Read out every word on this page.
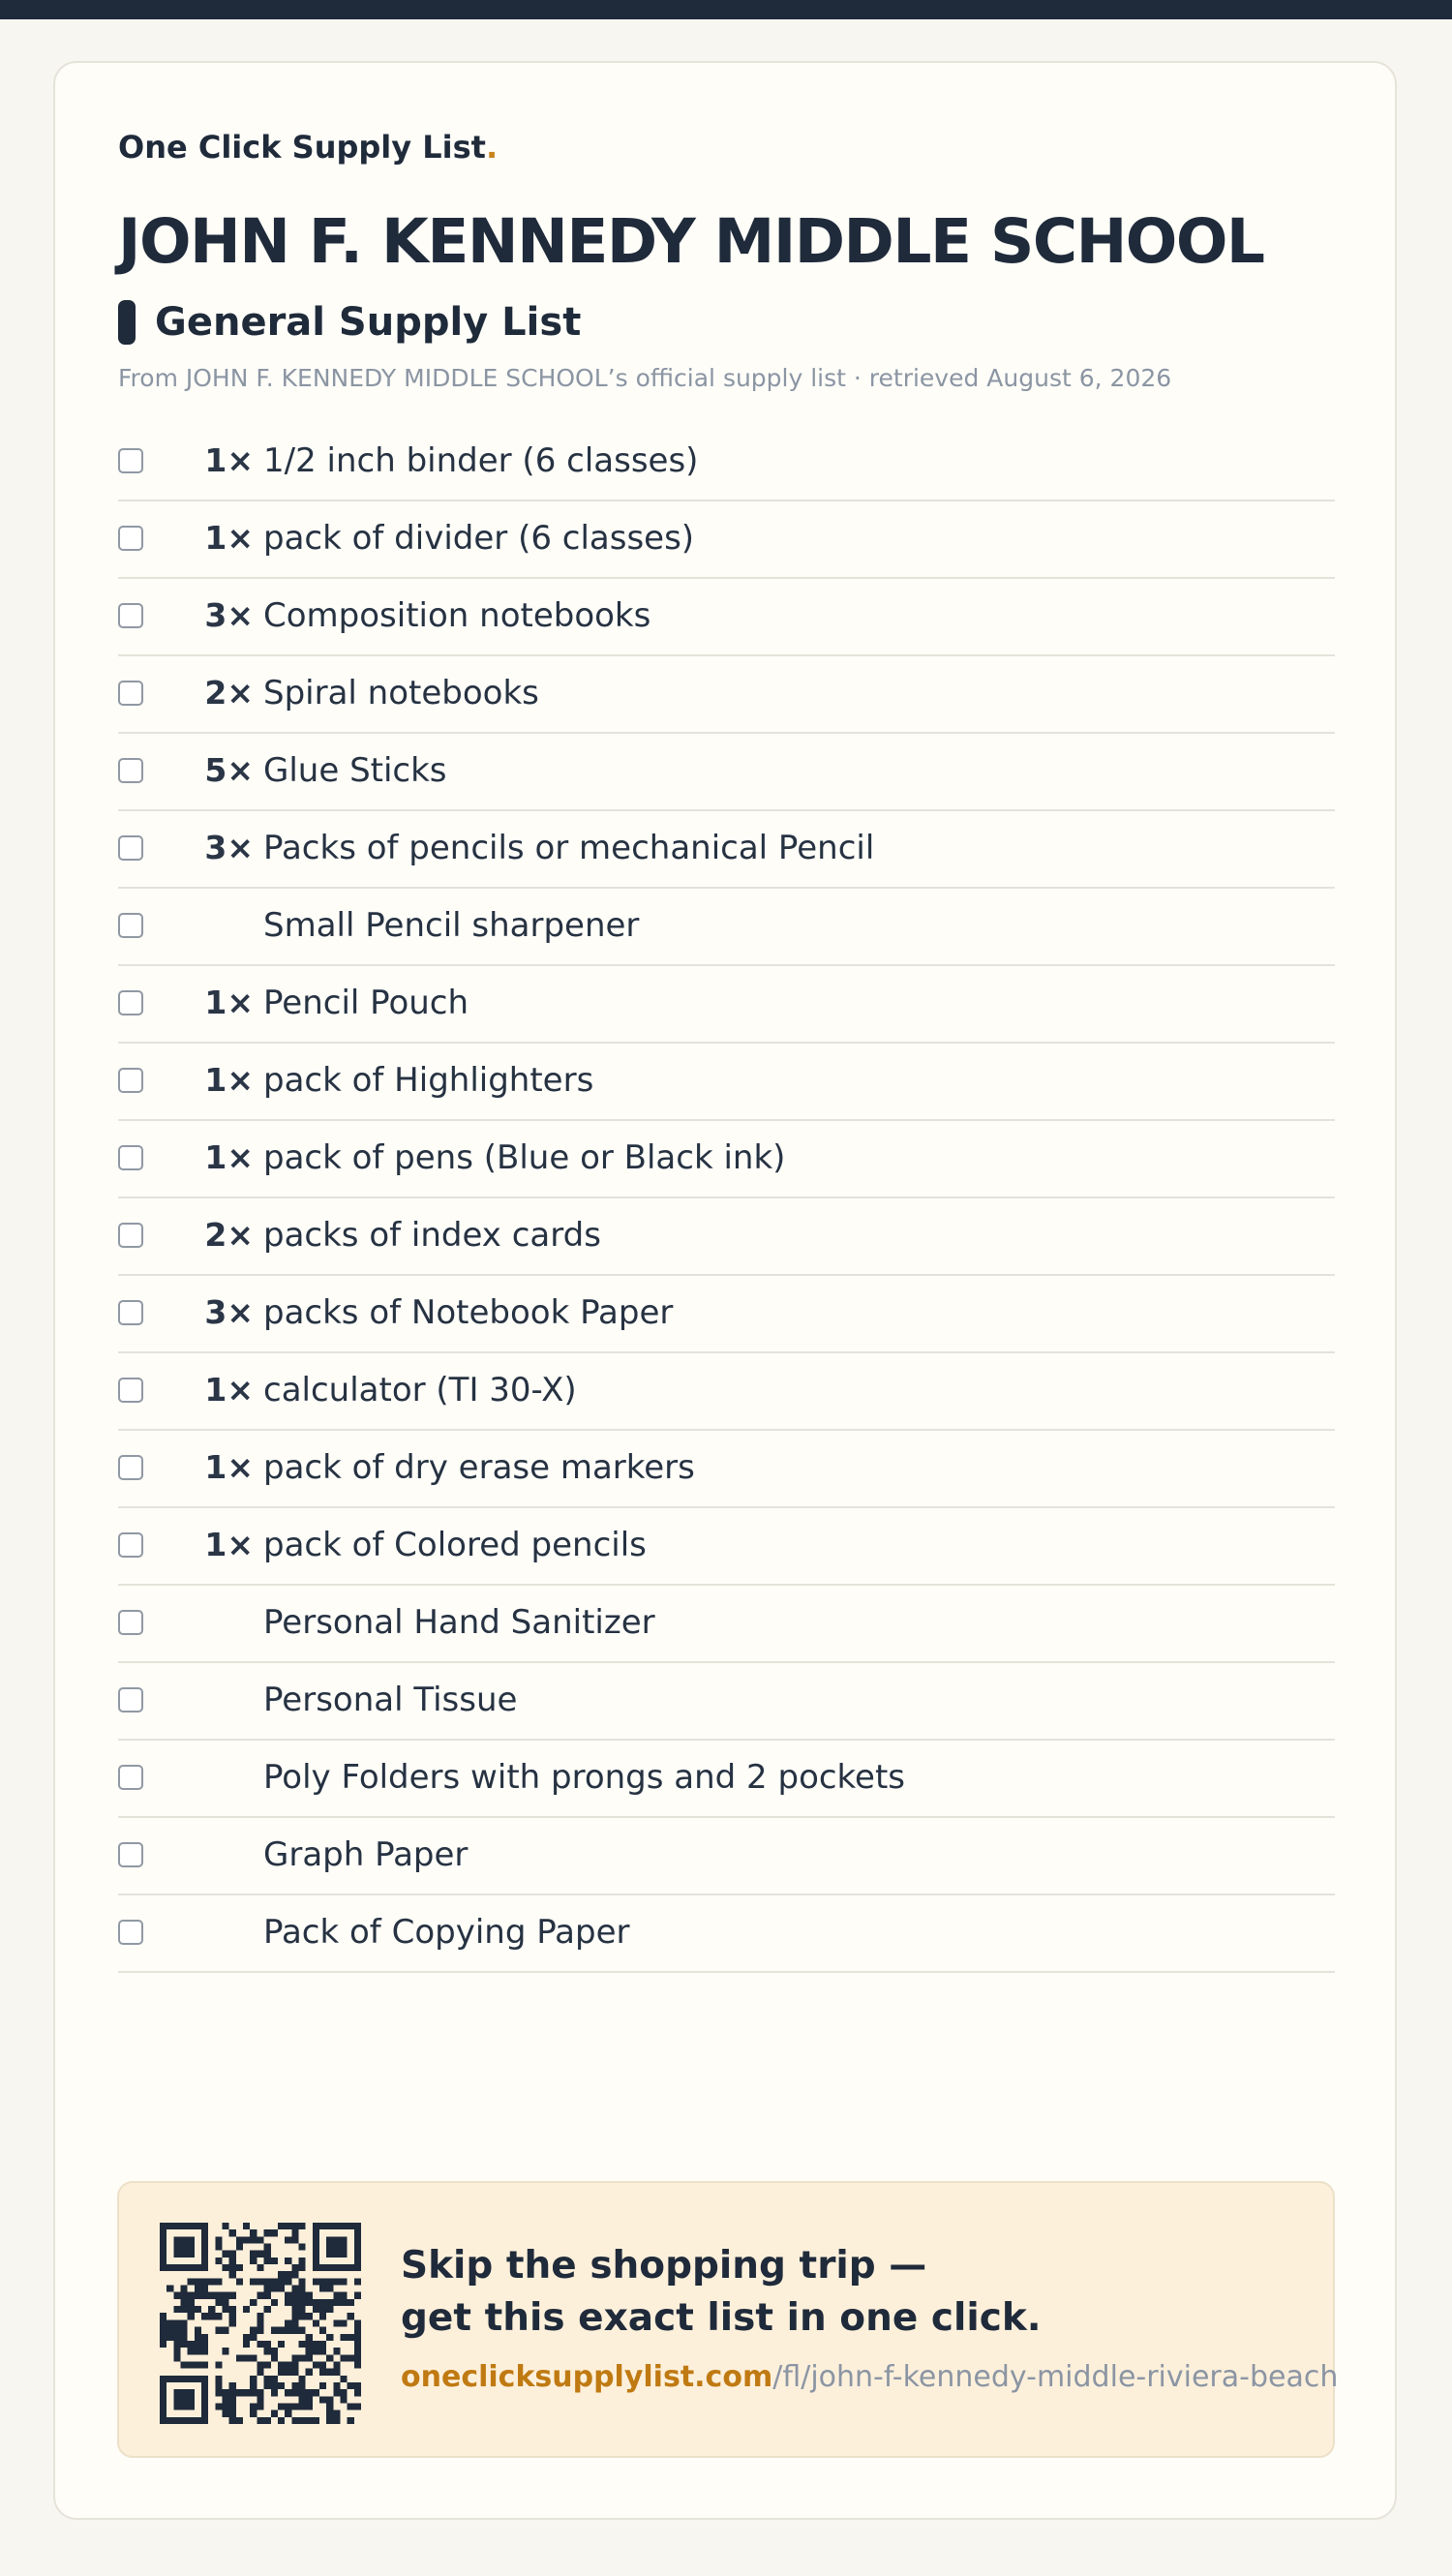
One Click Supply List.
JOHN F. KENNEDY MIDDLE SCHOOL
General Supply List
From JOHN F. KENNEDY MIDDLE SCHOOL’s official supply list · retrieved August 6, 2026
1× 1/2 inch binder (6 classes)
1× pack of divider (6 classes)
3× Composition notebooks
2× Spiral notebooks
5× Glue Sticks
3× Packs of pencils or mechanical Pencil
Small Pencil sharpener
1× Pencil Pouch
1× pack of Highlighters
1× pack of pens (Blue or Black ink)
2× packs of index cards
3× packs of Notebook Paper
1× calculator (TI 30-X)
1× pack of dry erase markers
1× pack of Colored pencils
Personal Hand Sanitizer
Personal Tissue
Poly Folders with prongs and 2 pockets
Graph Paper
Pack of Copying Paper
Skip the shopping trip —
get this exact list in one click.
oneclicksupplylist.com/fl/john-f-kennedy-middle-riviera-beach
